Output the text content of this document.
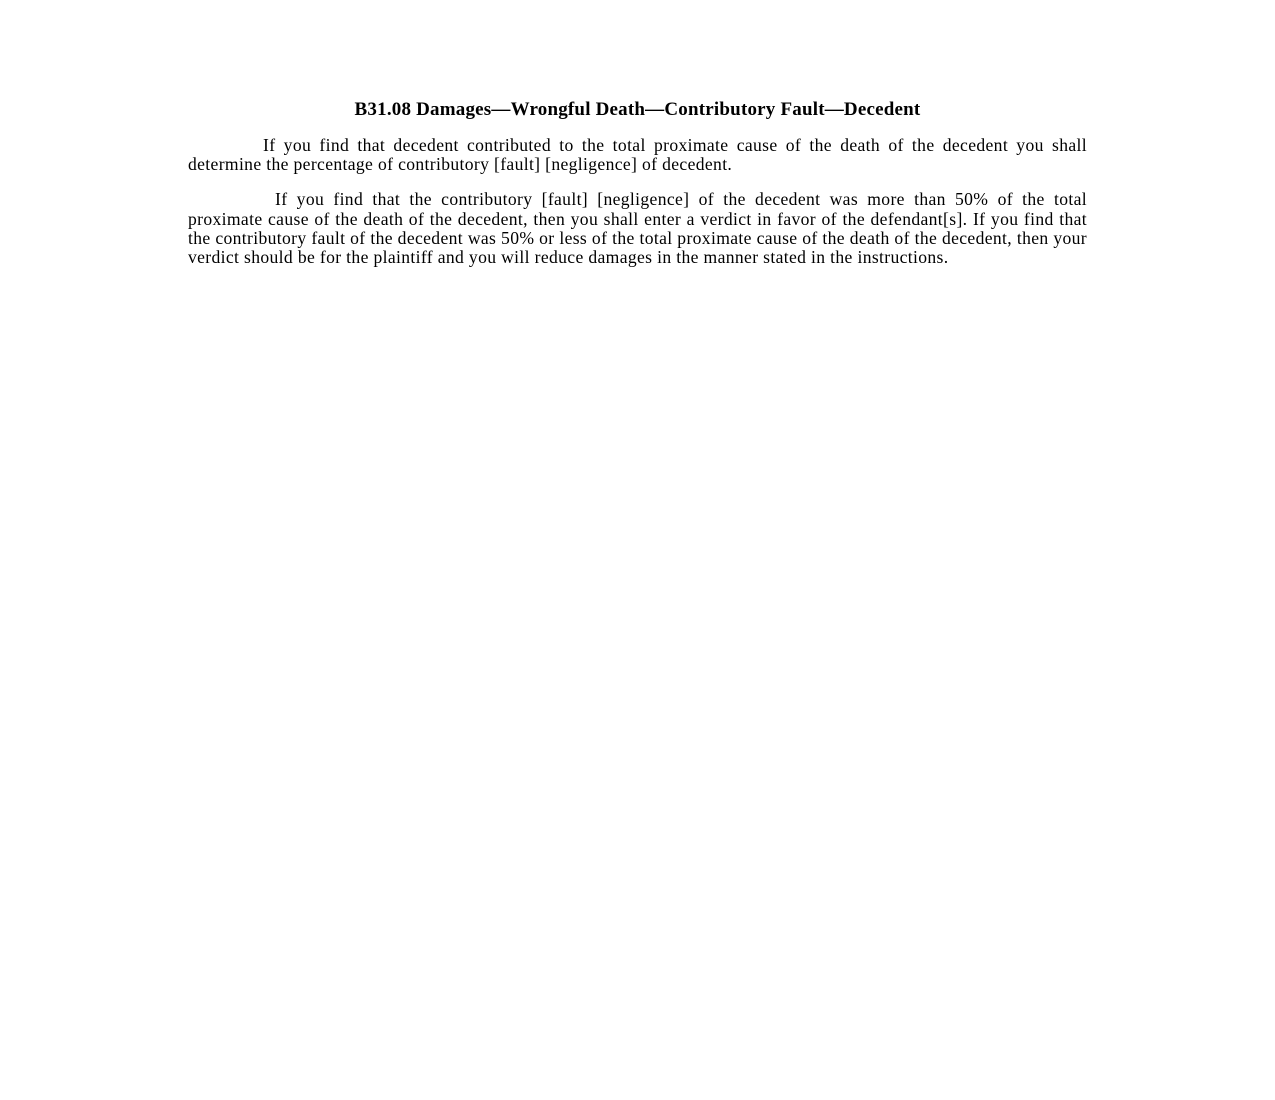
B31.08 Damages—Wrongful Death—Contributory Fault—Decedent

If you find that decedent contributed to the total proximate cause of the death of the decedent you shall determine the percentage of contributory [fault] [negligence] of decedent.

If you find that the contributory [fault] [negligence] of the decedent was more than 50% of the total proximate cause of the death of the decedent, then you shall enter a verdict in favor of the defendant[s]. If you find that the contributory fault of the decedent was 50% or less of the total proximate cause of the death of the decedent, then your verdict should be for the plaintiff and you will reduce damages in the manner stated in the instructions.
